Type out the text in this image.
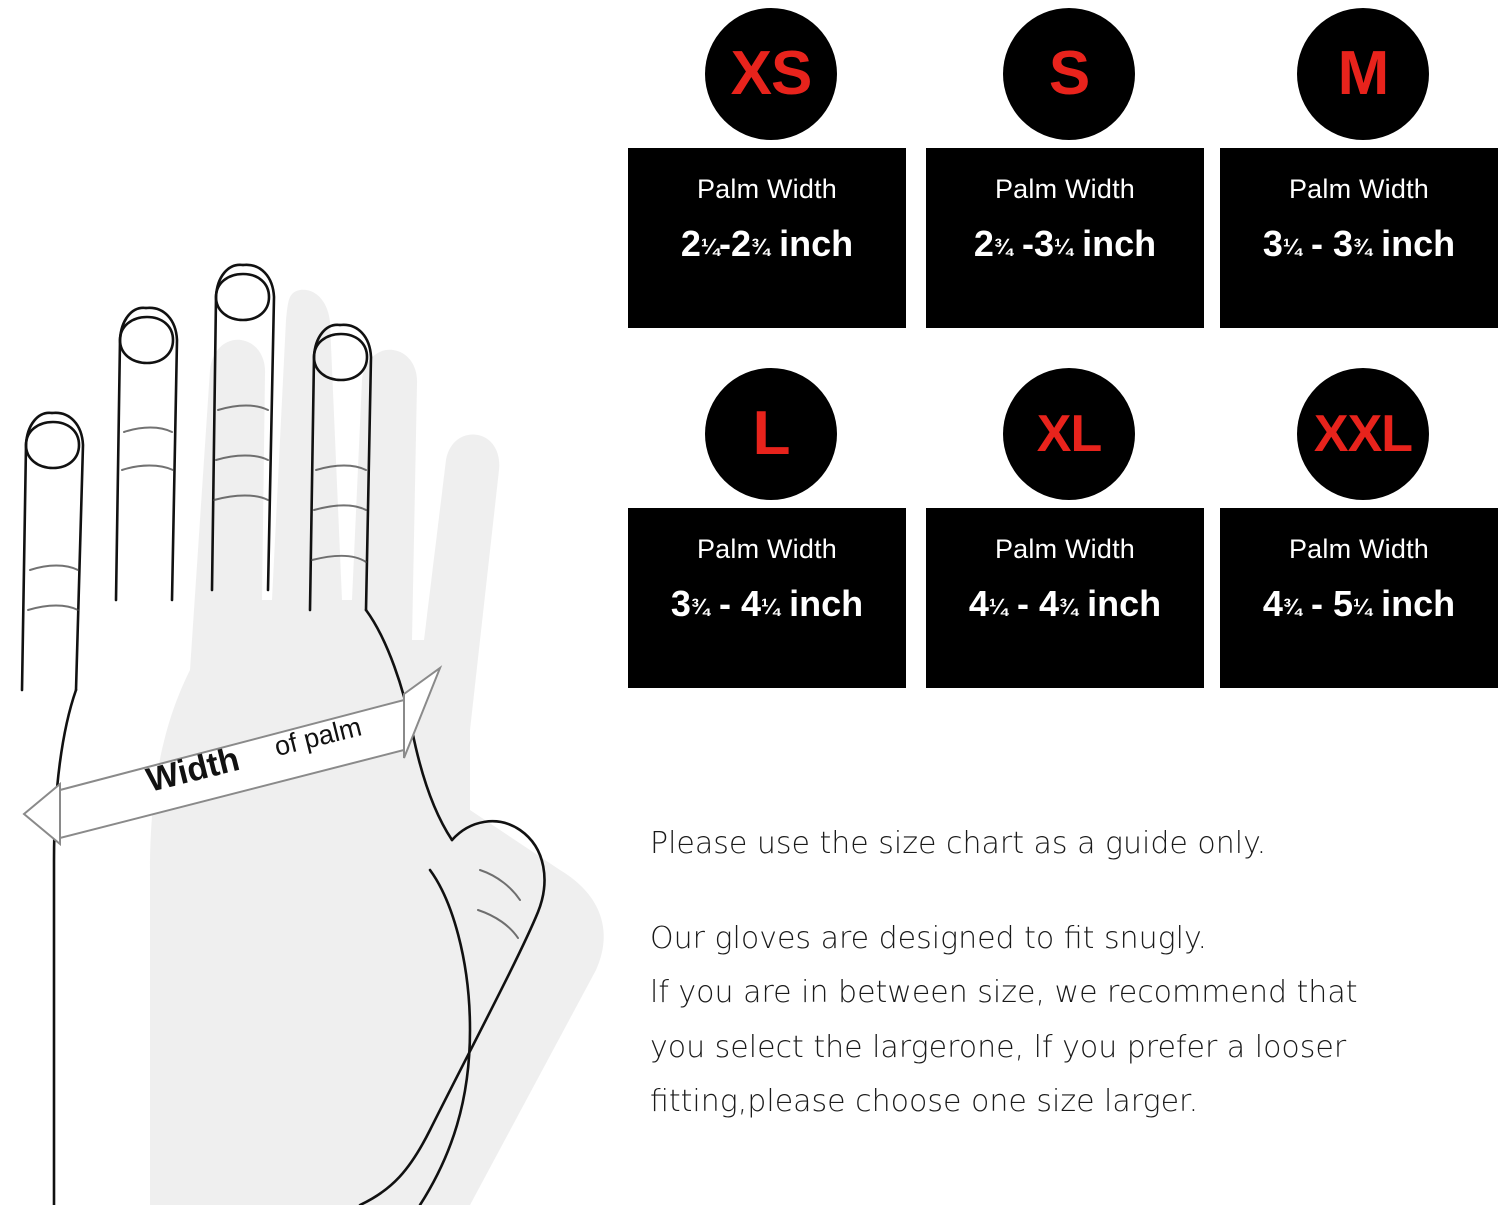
Width
of palm
XS
Palm Width
2¼-2¾ inch
S
Palm Width
2¾ -3¼ inch
M
Palm Width
3¼ - 3¾ inch
L
Palm Width
3¾ - 4¼ inch
XL
Palm Width
4¼ - 4¾ inch
XXL
Palm Width
4¾ - 5¼ inch

Please use the size chart as a guide only.

Our gloves are designed to fit snugly.

lf you are in between size, we recommend that

you select the largerone, lf you prefer a looser

fitting,please choose one size larger.
